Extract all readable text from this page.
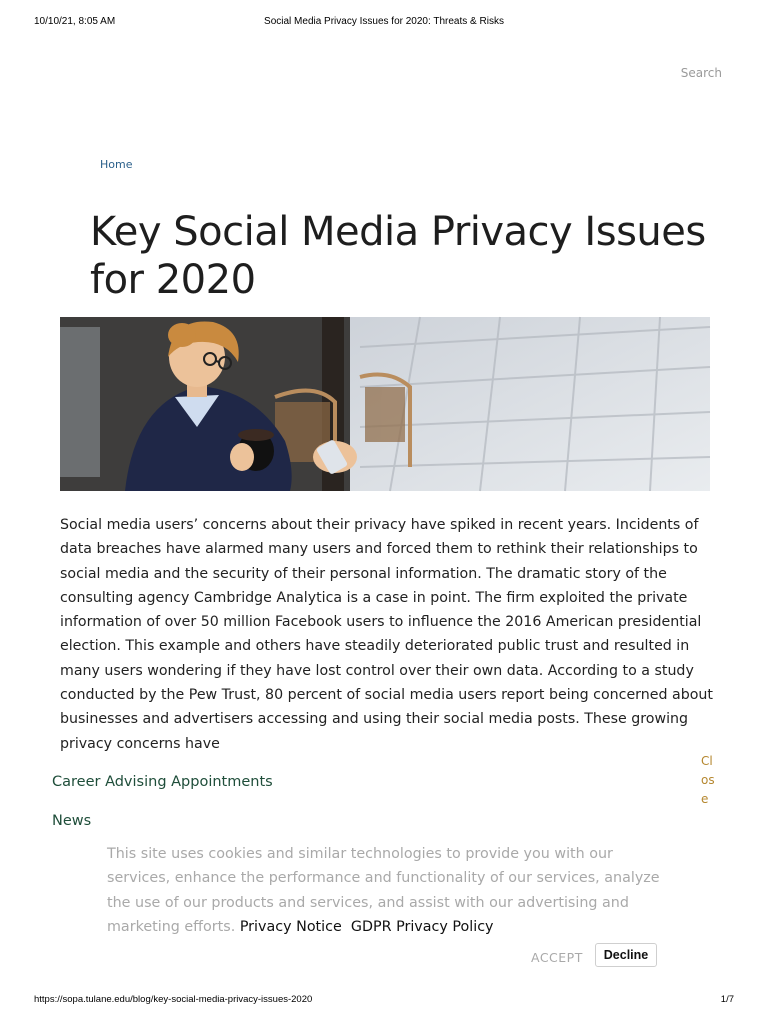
10/10/21, 8:05 AM	Social Media Privacy Issues for 2020: Threats & Risks
Search
Home
Key Social Media Privacy Issues for 2020

Social media users’ concerns about their privacy have spiked in recent years. Incidents of data breaches have alarmed many users and forced them to rethink their relationships to social media and the security of their personal information. The dramatic story of the consulting agency Cambridge Analytica is a case in point. The firm exploited the private information of over 50 million Facebook users to influence the 2016 American presidential election. This example and others have steadily deteriorated public trust and resulted in many users wondering if they have lost control over their own data. According to a study conducted by the Pew Trust, 80 percent of social media users report being concerned about businesses and advertisers accessing and using their social media posts. These growing privacy concerns have

Career Advising Appointments
News
Close

This site uses cookies and similar technologies to provide you with our services, enhance the performance and functionality of our services, analyze the use of our products and services, and assist with our advertising and marketing efforts. Privacy Notice GDPR Privacy Policy

ACCEPT	Decline
https://sopa.tulane.edu/blog/key-social-media-privacy-issues-2020	1/7
